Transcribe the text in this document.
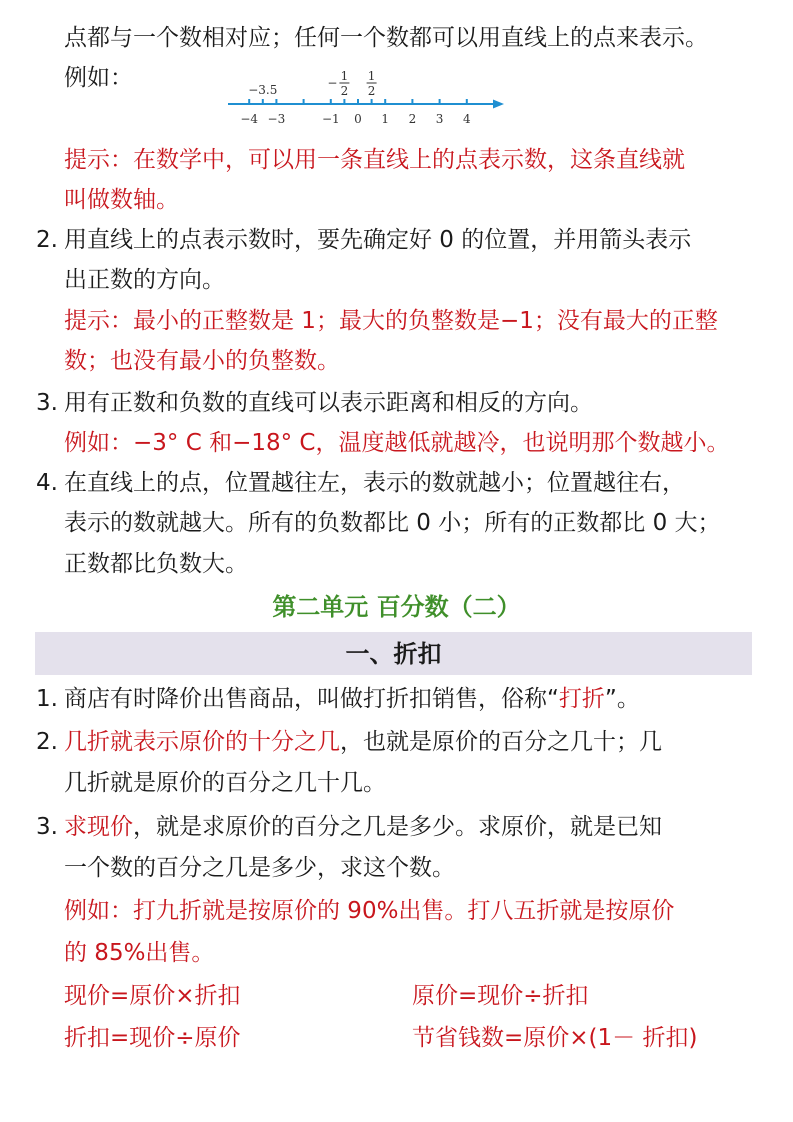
点都与一个数相对应；任何一个数都可以用直线上的点来表示。
例如：
−4 −3	−1 0 1 2 3 4
−3.5
1
2
−	1
2
提示：在数学中，可以用一条直线上的点表示数，这条直线就
叫做数轴。
2. 用直线上的点表示数时，要先确定好 0 的位置，并用箭头表示
出正数的方向。
提示：最小的正整数是 1；最大的负整数是−1；没有最大的正整
数；也没有最小的负整数。
3. 用有正数和负数的直线可以表示距离和相反的方向。
例如：−3° C 和−18° C，温度越低就越冷，也说明那个数越小。
4. 在直线上的点，位置越往左，表示的数就越小；位置越往右，
表示的数就越大。所有的负数都比 0 小；所有的正数都比 0 大；
正数都比负数大。
第二单元 百分数（二）
一、折扣
1. 商店有时降价出售商品，叫做打折扣销售，俗称“打折”。
2. 几折就表示原价的十分之几，也就是原价的百分之几十；几
几折就是原价的百分之几十几。
3. 求现价，就是求原价的百分之几是多少。求原价，就是已知
一个数的百分之几是多少，求这个数。
例如：打九折就是按原价的 90%出售。打八五折就是按原价
的 85%出售。
现价=原价×折扣	原价=现价÷折扣
折扣=现价÷原价	节省钱数=原价×(1－ 折扣)
